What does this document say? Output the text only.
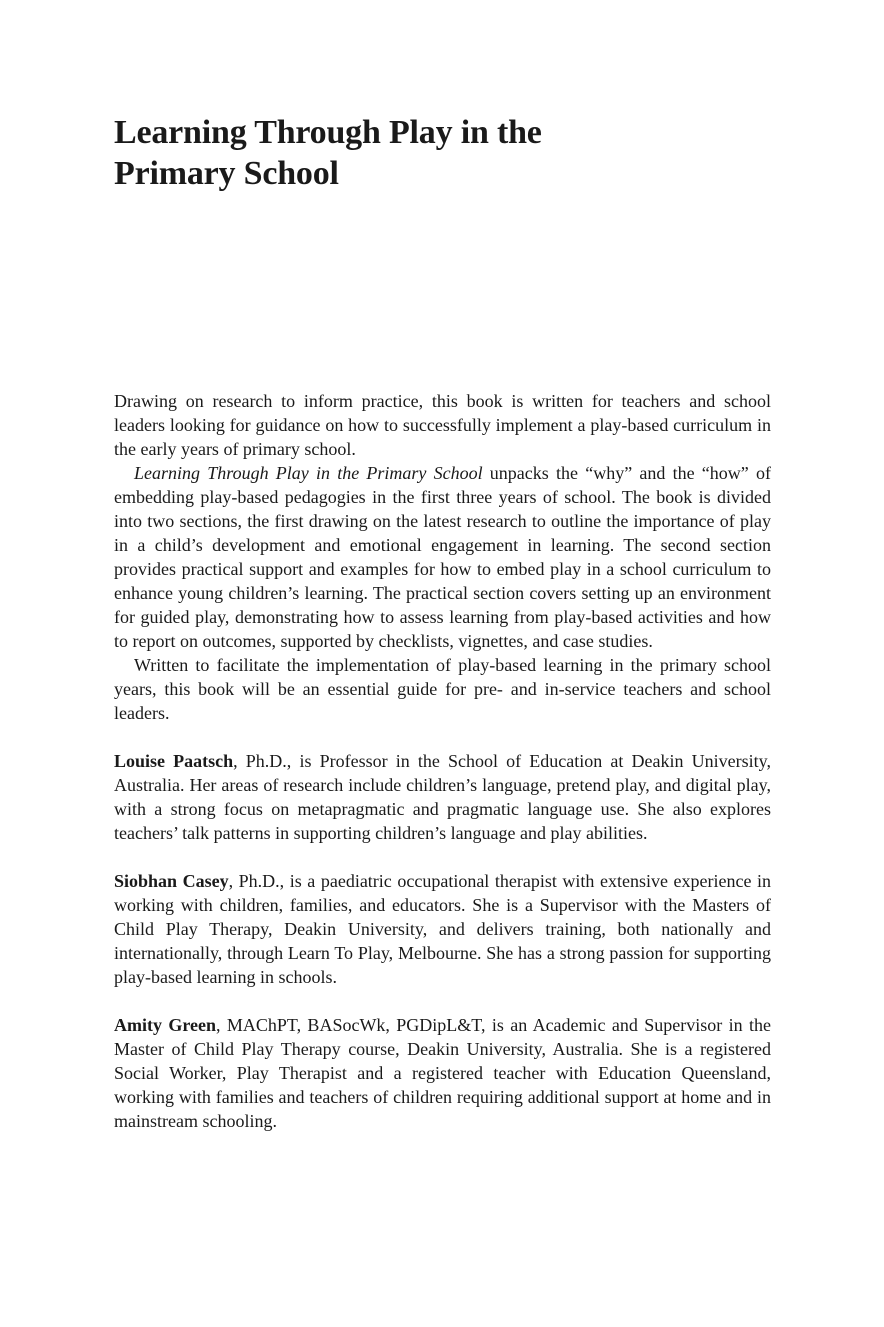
Learning Through Play in the
Primary School

Drawing on research to inform practice, this book is written for teachers and school leaders looking for guidance on how to successfully implement a play-based curriculum in the early years of primary school.

Learning Through Play in the Primary School unpacks the “why” and the “how” of embedding play-based pedagogies in the first three years of school. The book is divided into two sections, the first drawing on the latest research to outline the importance of play in a child’s development and emotional engagement in learning. The second section provides practical support and examples for how to embed play in a school curriculum to enhance young children’s learning. The practical section covers setting up an environment for guided play, demonstrating how to assess learning from play-based activities and how to report on outcomes, supported by checklists, vignettes, and case studies.

Written to facilitate the implementation of play-based learning in the primary school years, this book will be an essential guide for pre- and in-service teachers and school leaders.

Louise Paatsch, Ph.D., is Professor in the School of Education at Deakin University, Australia. Her areas of research include children’s language, pretend play, and digital play, with a strong focus on metapragmatic and pragmatic language use. She also explores teachers’ talk patterns in supporting children’s language and play abilities.

Siobhan Casey, Ph.D., is a paediatric occupational therapist with extensive experience in working with children, families, and educators. She is a Supervisor with the Masters of Child Play Therapy, Deakin University, and delivers training, both nationally and internationally, through Learn To Play, Melbourne. She has a strong passion for supporting play-based learning in schools.

Amity Green, MAChPT, BASocWk, PGDipL&T, is an Academic and Supervisor in the Master of Child Play Therapy course, Deakin University, Australia. She is a registered Social Worker, Play Therapist and a registered teacher with Education Queensland, working with families and teachers of children requiring additional support at home and in mainstream schooling.
